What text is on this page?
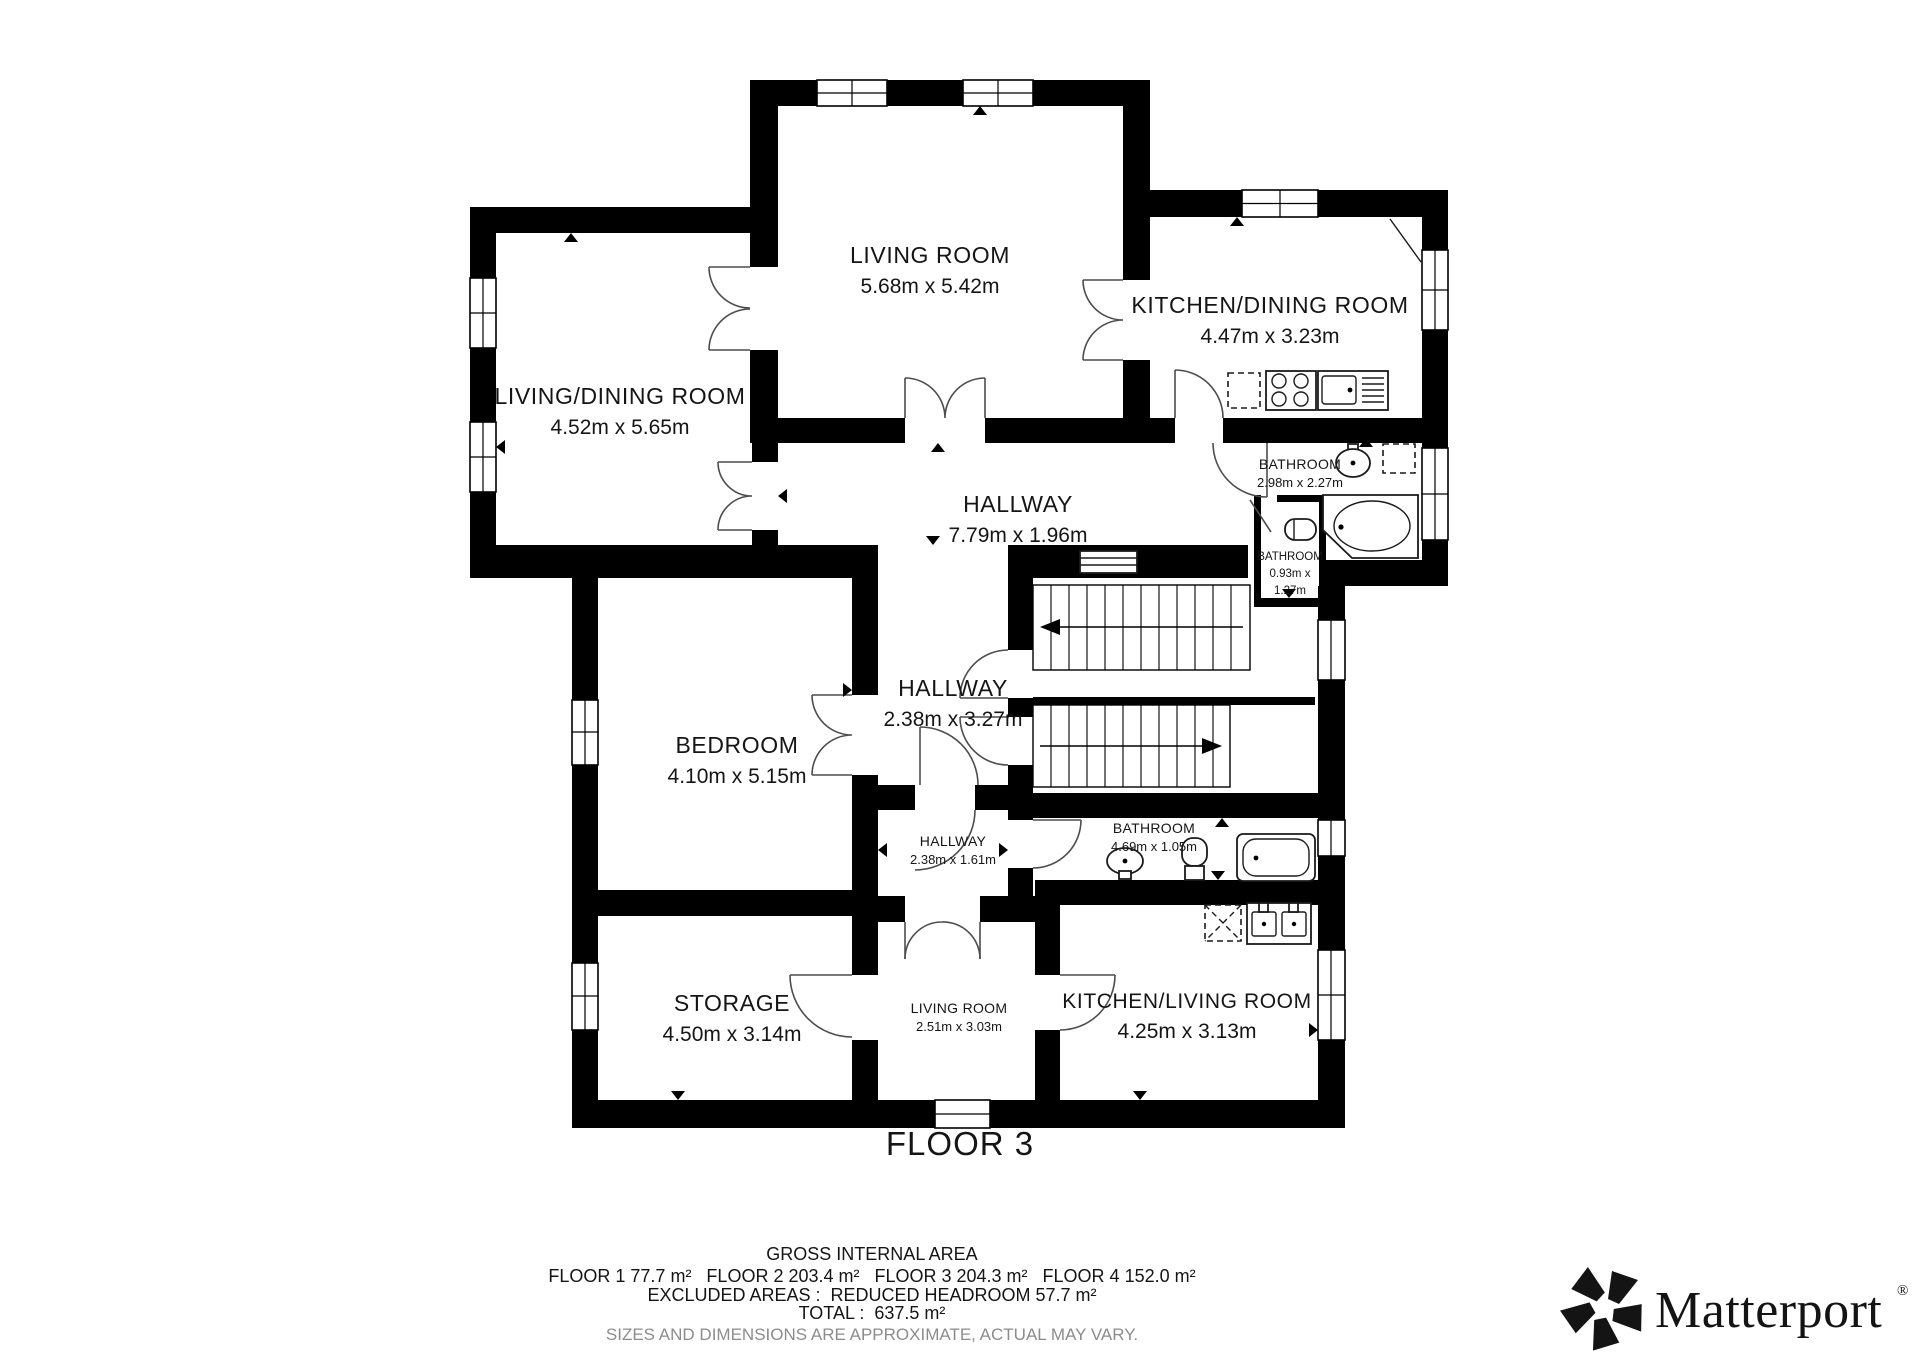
LIVING ROOM
5.68m x 5.42m
KITCHEN/DINING ROOM
4.47m x 3.23m
LIVING/DINING ROOM
4.52m x 5.65m
HALLWAY
7.79m x 1.96m
BATHROOM
2.98m x 2.27m
BATHROOM
0.93m x
1.27m
BEDROOM
4.10m x 5.15m
HALLWAY
2.38m x 3.27m
HALLWAY
2.38m x 1.61m
BATHROOM
4.69m x 1.05m
STORAGE
4.50m x 3.14m
LIVING ROOM
2.51m x 3.03m
KITCHEN/LIVING ROOM
4.25m x 3.13m
FLOOR 3
GROSS INTERNAL AREA
FLOOR 1 77.7 m²   FLOOR 2 203.4 m²   FLOOR 3 204.3 m²   FLOOR 4 152.0 m²
EXCLUDED AREAS :  REDUCED HEADROOM 57.7 m²
TOTAL :  637.5 m²
SIZES AND DIMENSIONS ARE APPROXIMATE, ACTUAL MAY VARY.	Matterport ®
